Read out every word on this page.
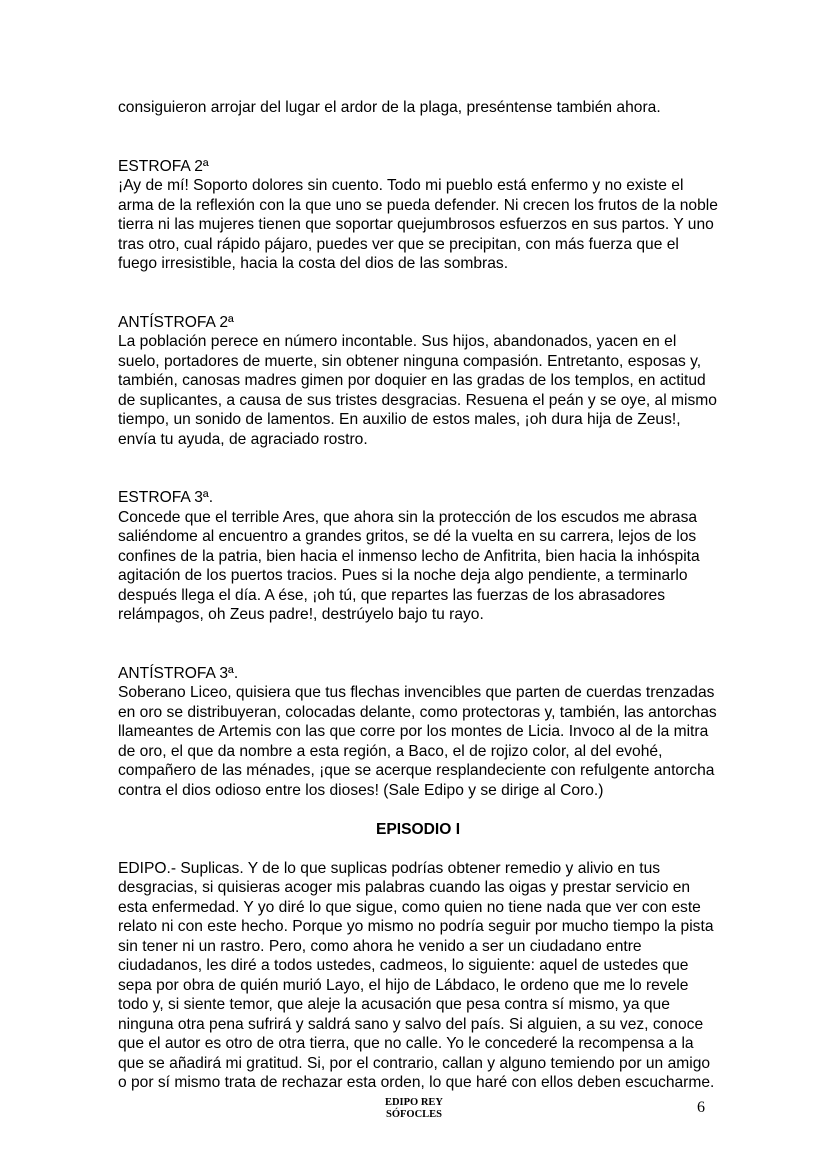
consiguieron arrojar del lugar el ardor de la plaga, preséntense también ahora.

ESTROFA 2ª
¡Ay de mí! Soporto dolores sin cuento. Todo mi pueblo está enfermo y no existe el arma de la reflexión con la que uno se pueda defender. Ni crecen los frutos de la noble tierra ni las mujeres tienen que soportar quejumbrosos esfuerzos en sus partos. Y uno tras otro, cual rápido pájaro, puedes ver que se precipitan, con más fuerza que el fuego irresistible, hacia la costa del dios de las sombras.

ANTÍSTROFA 2ª
La población perece en número incontable. Sus hijos, abandonados, yacen en el suelo, portadores de muerte, sin obtener ninguna compasión. Entretanto, esposas y, también, canosas madres gimen por doquier en las gradas de los templos, en actitud de suplicantes, a causa de sus tristes desgracias. Resuena el peán y se oye, al mismo tiempo, un sonido de lamentos. En auxilio de estos males, ¡oh dura hija de Zeus!, envía tu ayuda, de agraciado rostro.

ESTROFA 3ª.
Concede que el terrible Ares, que ahora sin la protección de los escudos me abrasa saliéndome al encuentro a grandes gritos, se dé la vuelta en su carrera, lejos de los confines de la patria, bien hacia el inmenso lecho de Anfitrita, bien hacia la inhóspita agitación de los puertos tracios. Pues si la noche deja algo pendiente, a terminarlo después llega el día. A ése, ¡oh tú, que repartes las fuerzas de los abrasadores relámpagos, oh Zeus padre!, destrúyelo bajo tu rayo.

ANTÍSTROFA 3ª.
Soberano Liceo, quisiera que tus flechas invencibles que parten de cuerdas trenzadas en oro se distribuyeran, colocadas delante, como protectoras y, también, las antorchas llameantes de Artemis con las que corre por los montes de Licia. Invoco al de la mitra de oro, el que da nombre a esta región, a Baco, el de rojizo color, al del evohé, compañero de las ménades, ¡que se acerque resplandeciente con refulgente antorcha contra el dios odioso entre los dioses! (Sale Edipo y se dirige al Coro.)

EPISODIO I

EDIPO.- Suplicas. Y de lo que suplicas podrías obtener remedio y alivio en tus desgracias, si quisieras acoger mis palabras cuando las oigas y prestar servicio en esta enfermedad. Y yo diré lo que sigue, como quien no tiene nada que ver con este relato ni con este hecho. Porque yo mismo no podría seguir por mucho tiempo la pista sin tener ni un rastro. Pero, como ahora he venido a ser un ciudadano entre ciudadanos, les diré a todos ustedes, cadmeos, lo siguiente: aquel de ustedes que sepa por obra de quién murió Layo, el hijo de Lábdaco, le ordeno que me lo revele todo y, si siente temor, que aleje la acusación que pesa contra sí mismo, ya que ninguna otra pena sufrirá y saldrá sano y salvo del país. Si alguien, a su vez, conoce que el autor es otro de otra tierra, que no calle. Yo le concederé la recompensa a la que se añadirá mi gratitud. Si, por el contrario, callan y alguno temiendo por un amigo o por sí mismo trata de rechazar esta orden, lo que haré con ellos deben escucharme.

EDIPO REY
SÓFOCLES	6
